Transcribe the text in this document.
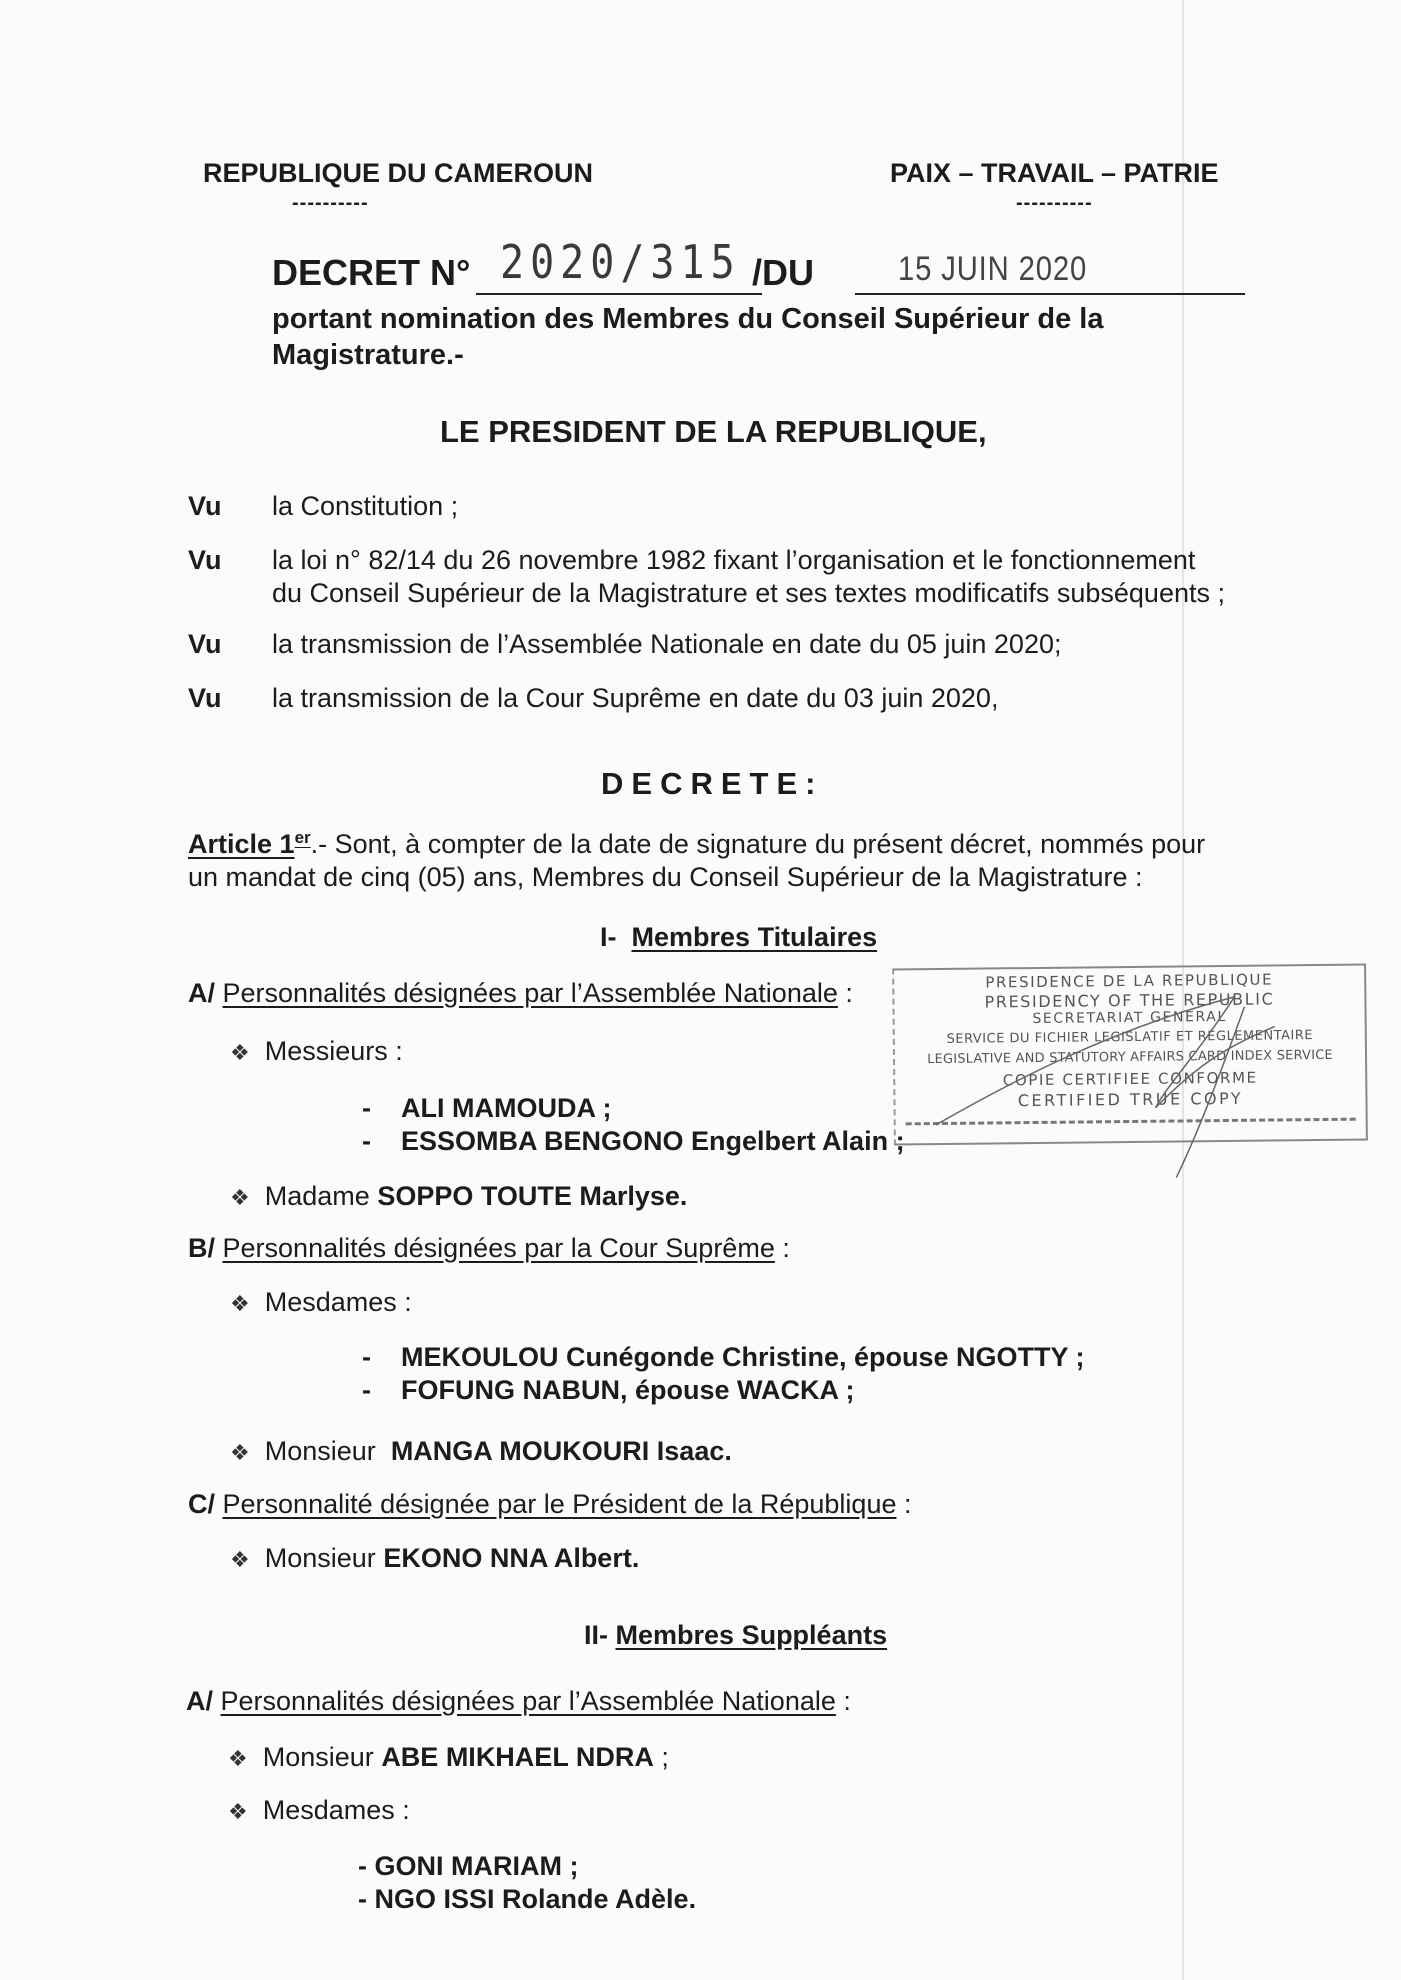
REPUBLIQUE DU CAMEROUN
----------
PAIX – TRAVAIL – PATRIE
----------
DECRET N° 2020/315 /DU 15 JUIN 2020
portant nomination des Membres du Conseil Supérieur de la
Magistrature.-
LE PRESIDENT DE LA REPUBLIQUE,
Vu la Constitution ;
Vu la loi n° 82/14 du 26 novembre 1982 fixant l’organisation et le fonctionnement
du Conseil Supérieur de la Magistrature et ses textes modificatifs subséquents ;
Vu la transmission de l’Assemblée Nationale en date du 05 juin 2020;
Vu la transmission de la Cour Suprême en date du 03 juin 2020,
DECRETE:
Article 1er.- Sont, à compter de la date de signature du présent décret, nommés pour
un mandat de cinq (05) ans, Membres du Conseil Supérieur de la Magistrature :
I- Membres Titulaires
A/ Personnalités désignées par l’Assemblée Nationale :
❖ Messieurs :
- ALI MAMOUDA ;
- ESSOMBA BENGONO Engelbert Alain ;
❖ Madame SOPPO TOUTE Marlyse.
B/ Personnalités désignées par la Cour Suprême :
❖ Mesdames :
- MEKOULOU Cunégonde Christine, épouse NGOTTY ;
- FOFUNG NABUN, épouse WACKA ;
❖ Monsieur MANGA MOUKOURI Isaac.
C/ Personnalité désignée par le Président de la République :
❖ Monsieur EKONO NNA Albert.
II- Membres Suppléants
A/ Personnalités désignées par l’Assemblée Nationale :
❖ Monsieur ABE MIKHAEL NDRA ;
❖ Mesdames :
- GONI MARIAM ;
- NGO ISSI Rolande Adèle.
PRESIDENCE DE LA REPUBLIQUE
PRESIDENCY OF THE REPUBLIC
SECRETARIAT GENERAL
SERVICE DU FICHIER LEGISLATIF ET REGLEMENTAIRE
LEGISLATIVE AND STATUTORY AFFAIRS CARD INDEX SERVICE
COPIE CERTIFIEE CONFORME
CERTIFIED TRUE COPY
